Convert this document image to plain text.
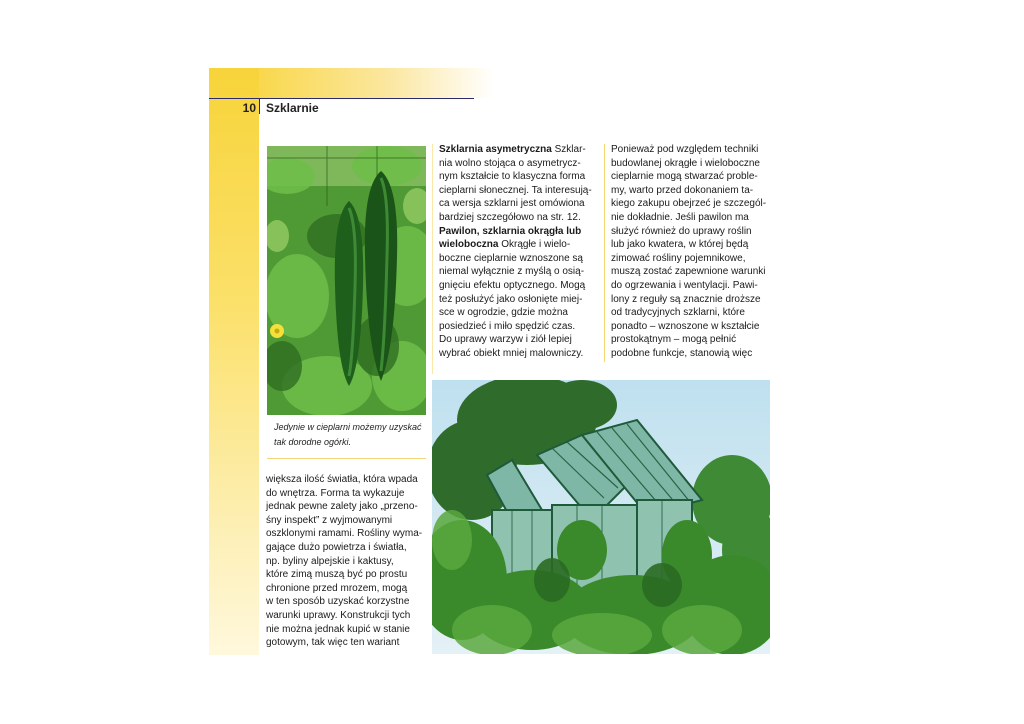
10 Szklarnie
Jedynie w cieplarni możemy uzyskać
tak dorodne ogórki.

większa ilość światła, która wpada

do wnętrza. Forma ta wykazuje

jednak pewne zalety jako „przeno-

śny inspekt” z wyjmowanymi

oszklonymi ramami. Rośliny wyma-

gające dużo powietrza i światła,

np. byliny alpejskie i kaktusy,

które zimą muszą być po prostu

chronione przed mrozem, mogą

w ten sposób uzyskać korzystne

warunki uprawy. Konstrukcji tych

nie można jednak kupić w stanie

gotowym, tak więc ten wariant

Szklarnia asymetryczna Szklar-

nia wolno stojąca o asymetrycz-

nym kształcie to klasyczna forma

cieplarni słonecznej. Ta interesują-

ca wersja szklarni jest omówiona

bardziej szczegółowo na str. 12.

Pawilon, szklarnia okrągła lub

wieloboczna Okrągłe i wielo-

boczne cieplarnie wznoszone są

niemal wyłącznie z myślą o osią-

gnięciu efektu optycznego. Mogą

też posłużyć jako osłonięte miej-

sce w ogrodzie, gdzie można

posiedzieć i miło spędzić czas.

Do uprawy warzyw i ziół lepiej

wybrać obiekt mniej malowniczy.

Ponieważ pod względem techniki

budowlanej okrągłe i wieloboczne

cieplarnie mogą stwarzać proble-

my, warto przed dokonaniem ta-

kiego zakupu obejrzeć je szczegól-

nie dokładnie. Jeśli pawilon ma

służyć również do uprawy roślin

lub jako kwatera, w której będą

zimować rośliny pojemnikowe,

muszą zostać zapewnione warunki

do ogrzewania i wentylacji. Pawi-

lony z reguły są znacznie droższe

od tradycyjnych szklarni, które

ponadto – wznoszone w kształcie

prostokątnym – mogą pełnić

podobne funkcje, stanowią więc
